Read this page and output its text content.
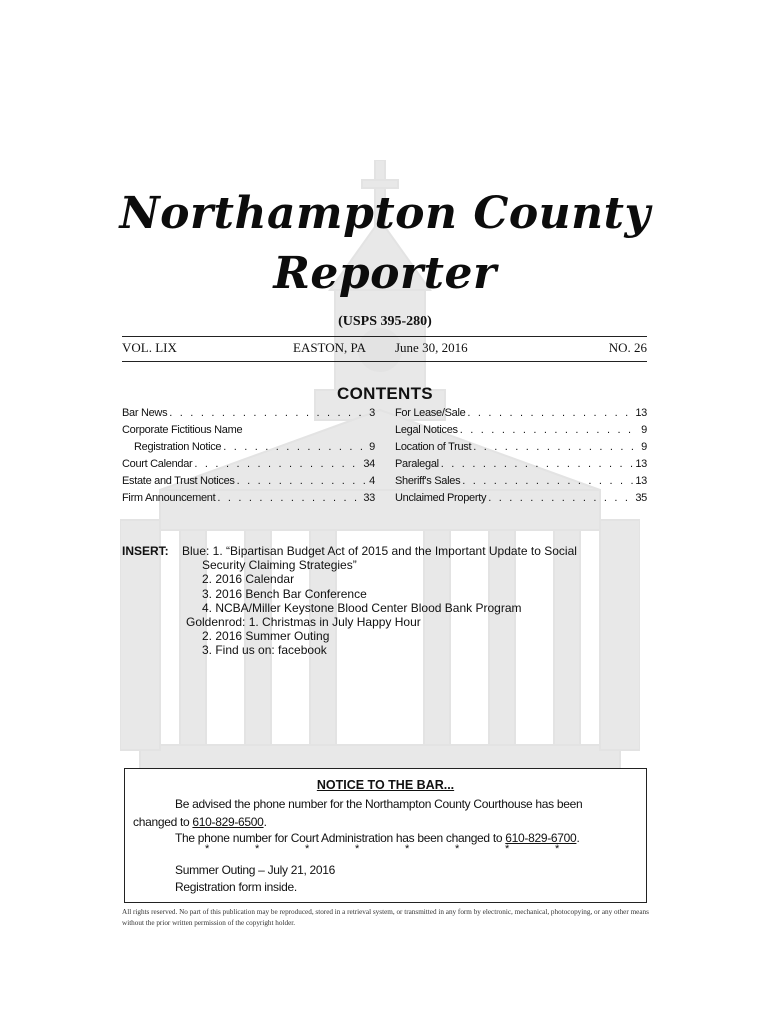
Northampton County
Reporter
(USPS 395-280)
VOL. LIX	EASTON, PA June 30, 2016	NO. 26
CONTENTS
Bar News . . .	3
Corporate Fictitious Name
Registration Notice . . .	9
Court Calendar . . .	34
Estate and Trust Notices . . .	4
Firm Announcement . . .	33
For Lease/Sale . . .	13
Legal Notices . . .	9
Location of Trust . . .	9
Paralegal . . .	13
Sheriff's Sales . . .	13
Unclaimed Property . . .	35
INSERT: Blue: 1. “Bipartisan Budget Act of 2015 and the Important Update to Social
Security Claiming Strategies”
2. 2016 Calendar
3. 2016 Bench Bar Conference
4. NCBA/Miller Keystone Blood Center Blood Bank Program
Goldenrod: 1. Christmas in July Happy Hour
2. 2016 Summer Outing
3. Find us on: facebook
NOTICE TO THE BAR...
Be advised the phone number for the Northampton County Courthouse has been
changed to 610-829-6500.
The phone number for Court Administration has been changed to 610-829-6700.
Summer Outing – July 21, 2016
Registration form inside.
*	*	*	*	*	*	*	*
All rights reserved. No part of this publication may be reproduced, stored in a retrieval system, or transmitted in any form by electronic, mechanical, photocopying, or any other means without the prior written permission of the copyright holder.
